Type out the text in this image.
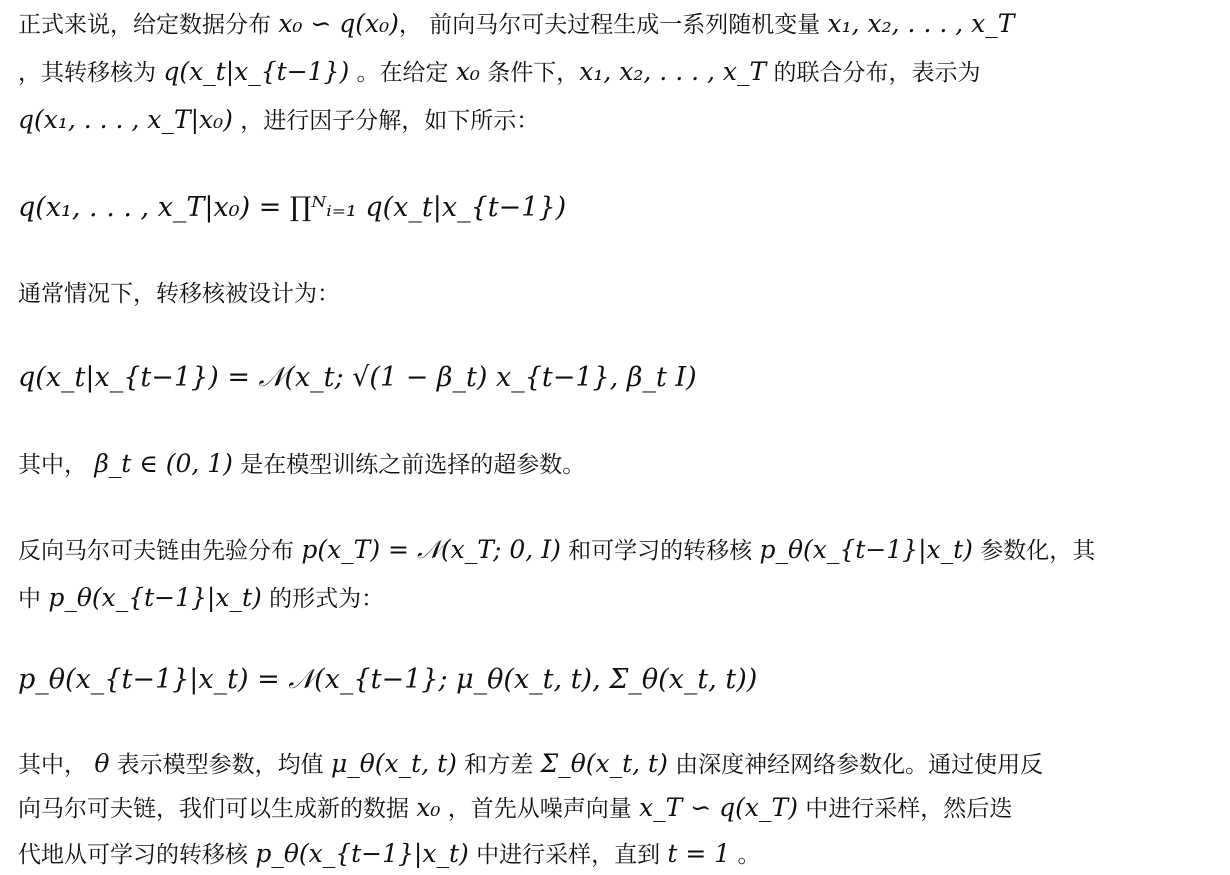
正式来说，给定数据分布 x₀ ∽ q(x₀)， 前向马尔可夫过程生成一系列随机变量 x₁, x₂, . . . , x_T
，其转移核为 q(x_t|x_{t−1}) 。在给定 x₀ 条件下，x₁, x₂, . . . , x_T 的联合分布，表示为
q(x₁, . . . , x_T|x₀) ，进行因子分解，如下所示：
q(x₁, . . . , x_T|x₀) = ∏ᴺᵢ₌₁ q(x_t|x_{t−1})
通常情况下，转移核被设计为：
q(x_t|x_{t−1}) = 𝒩(x_t; √(1 − β_t) x_{t−1}, β_t I)
其中， β_t ∈ (0, 1) 是在模型训练之前选择的超参数。
反向马尔可夫链由先验分布 p(x_T) = 𝒩(x_T; 0, I) 和可学习的转移核 p_θ(x_{t−1}|x_t) 参数化，其
中 p_θ(x_{t−1}|x_t) 的形式为：
p_θ(x_{t−1}|x_t) = 𝒩(x_{t−1}; μ_θ(x_t, t), Σ_θ(x_t, t))
其中， θ 表示模型参数，均值 μ_θ(x_t, t) 和方差 Σ_θ(x_t, t) 由深度神经网络参数化。通过使用反
向马尔可夫链，我们可以生成新的数据 x₀ ，首先从噪声向量 x_T ∽ q(x_T) 中进行采样，然后迭
代地从可学习的转移核 p_θ(x_{t−1}|x_t) 中进行采样，直到 t = 1 。
